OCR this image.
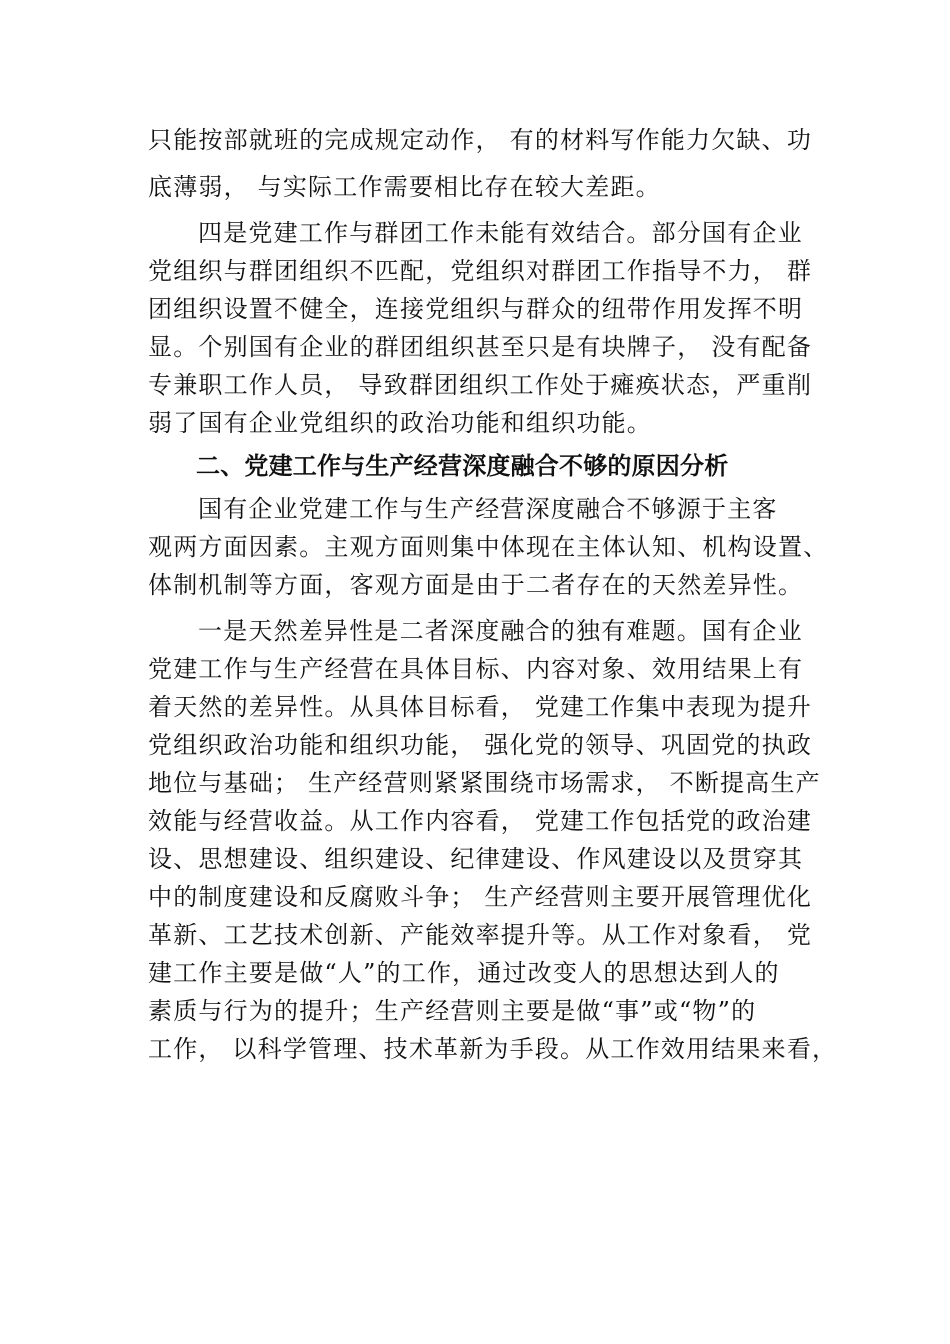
只能按部就班的完成规定动作， 有的材料写作能力欠缺、功
底薄弱， 与实际工作需要相比存在较大差距。
四是党建工作与群团工作未能有效结合。部分国有企业
党组织与群团组织不匹配，党组织对群团工作指导不力， 群
团组织设置不健全，连接党组织与群众的纽带作用发挥不明
显。个别国有企业的群团组织甚至只是有块牌子， 没有配备
专兼职工作人员， 导致群团组织工作处于瘫痪状态，严重削
弱了国有企业党组织的政治功能和组织功能。
二、党建工作与生产经营深度融合不够的原因分析
国有企业党建工作与生产经营深度融合不够源于主客
观两方面因素。主观方面则集中体现在主体认知、机构设置、
体制机制等方面，客观方面是由于二者存在的天然差异性。
一是天然差异性是二者深度融合的独有难题。国有企业
党建工作与生产经营在具体目标、内容对象、效用结果上有
着天然的差异性。从具体目标看， 党建工作集中表现为提升
党组织政治功能和组织功能， 强化党的领导、巩固党的执政
地位与基础； 生产经营则紧紧围绕市场需求， 不断提高生产
效能与经营收益。从工作内容看， 党建工作包括党的政治建
设、思想建设、组织建设、纪律建设、作风建设以及贯穿其
中的制度建设和反腐败斗争； 生产经营则主要开展管理优化
革新、工艺技术创新、产能效率提升等。从工作对象看， 党
建工作主要是做“人”的工作，通过改变人的思想达到人的
素质与行为的提升；生产经营则主要是做“事”或“物”的
工作， 以科学管理、技术革新为手段。从工作效用结果来看，
